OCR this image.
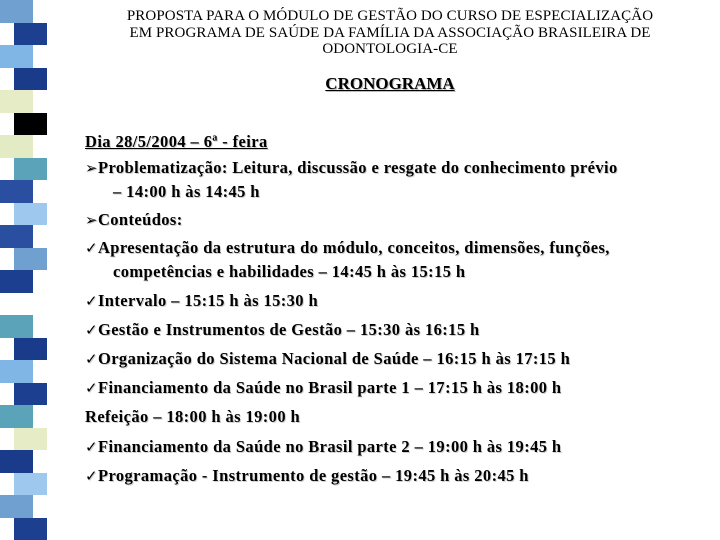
PROPOSTA PARA O MÓDULO DE GESTÃO DO CURSO DE ESPECIALIZAÇÃO
EM PROGRAMA DE SAÚDE DA FAMÍLIA DA ASSOCIAÇÃO BRASILEIRA DE
ODONTOLOGIA-CE
CRONOGRAMA
Dia 28/5/2004 – 6ª - feira
➢Problematização: Leitura, discussão e resgate do conhecimento prévio
– 14:00 h às 14:45 h
➢Conteúdos:
✓Apresentação da estrutura do módulo, conceitos, dimensões, funções,
competências e habilidades – 14:45 h às 15:15 h
✓Intervalo – 15:15 h às 15:30 h
✓Gestão e Instrumentos de Gestão – 15:30 às 16:15 h
✓Organização do Sistema Nacional de Saúde – 16:15 h às 17:15 h
✓Financiamento da Saúde no Brasil parte 1 – 17:15 h às 18:00 h
Refeição – 18:00 h às 19:00 h
✓Financiamento da Saúde no Brasil parte 2 – 19:00 h às 19:45 h
✓Programação - Instrumento de gestão – 19:45 h às 20:45 h
